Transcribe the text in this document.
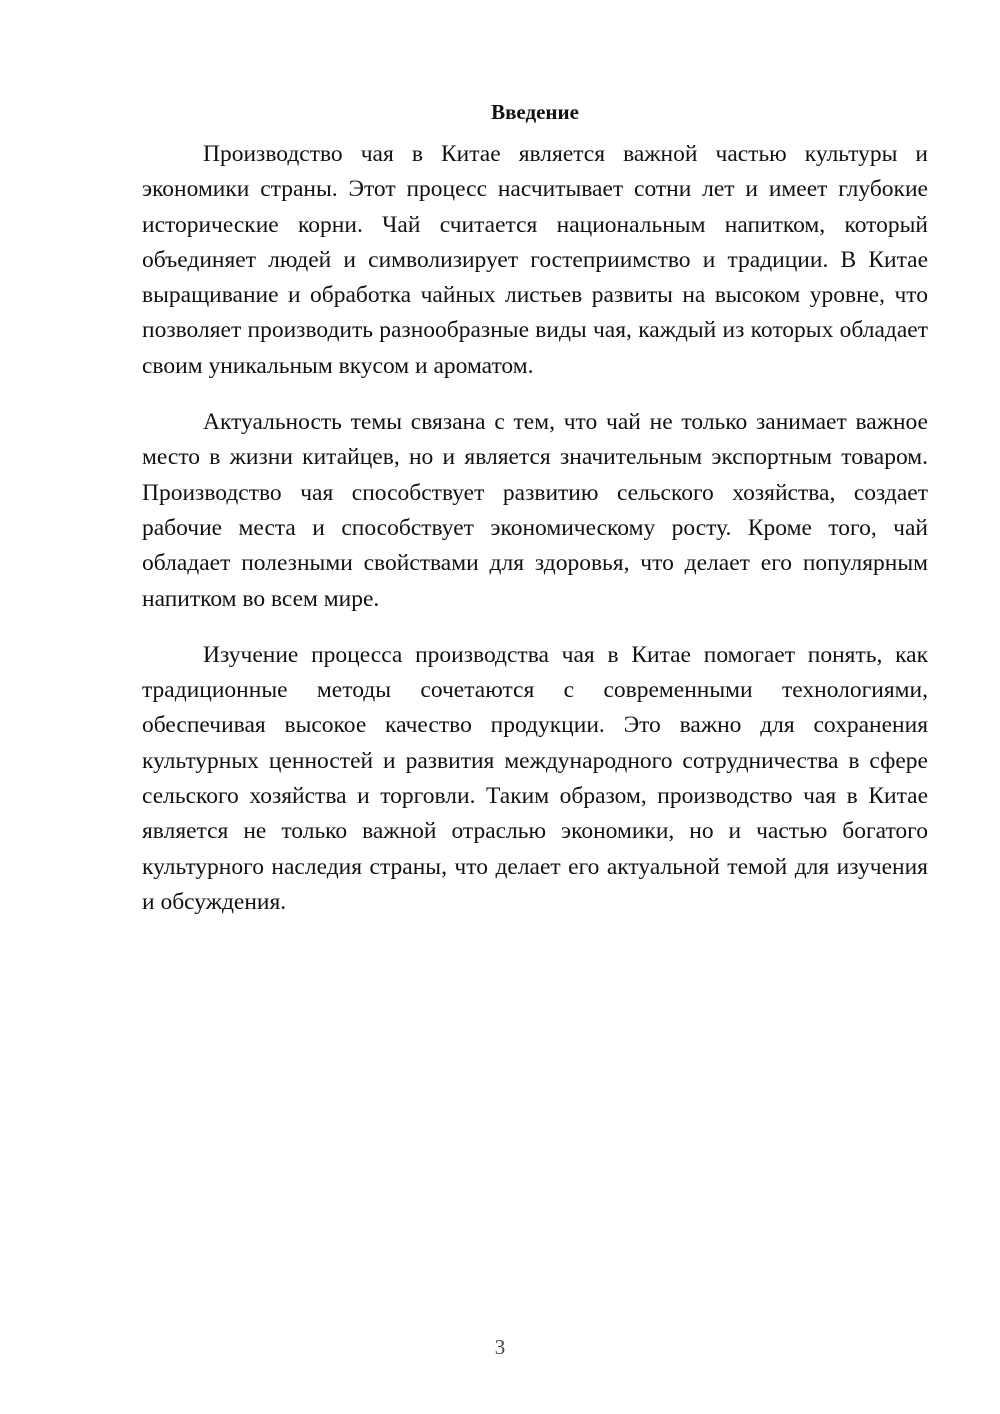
Введение

Производство чая в Китае является важной частью культуры и экономики страны. Этот процесс насчитывает сотни лет и имеет глубокие исторические корни. Чай считается национальным напитком, который объединяет людей и символизирует гостеприимство и традиции. В Китае выращивание и обработка чайных листьев развиты на высоком уровне, что позволяет производить разнообразные виды чая, каждый из которых обладает своим уникальным вкусом и ароматом.

Актуальность темы связана с тем, что чай не только занимает важное место в жизни китайцев, но и является значительным экспортным товаром. Производство чая способствует развитию сельского хозяйства, создает рабочие места и способствует экономическому росту. Кроме того, чай обладает полезными свойствами для здоровья, что делает его популярным напитком во всем мире.

Изучение процесса производства чая в Китае помогает понять, как традиционные методы сочетаются с современными технологиями, обеспечивая высокое качество продукции. Это важно для сохранения культурных ценностей и развития международного сотрудничества в сфере сельского хозяйства и торговли. Таким образом, производство чая в Китае является не только важной отраслью экономики, но и частью богатого культурного наследия страны, что делает его актуальной темой для изучения и обсуждения.

3
